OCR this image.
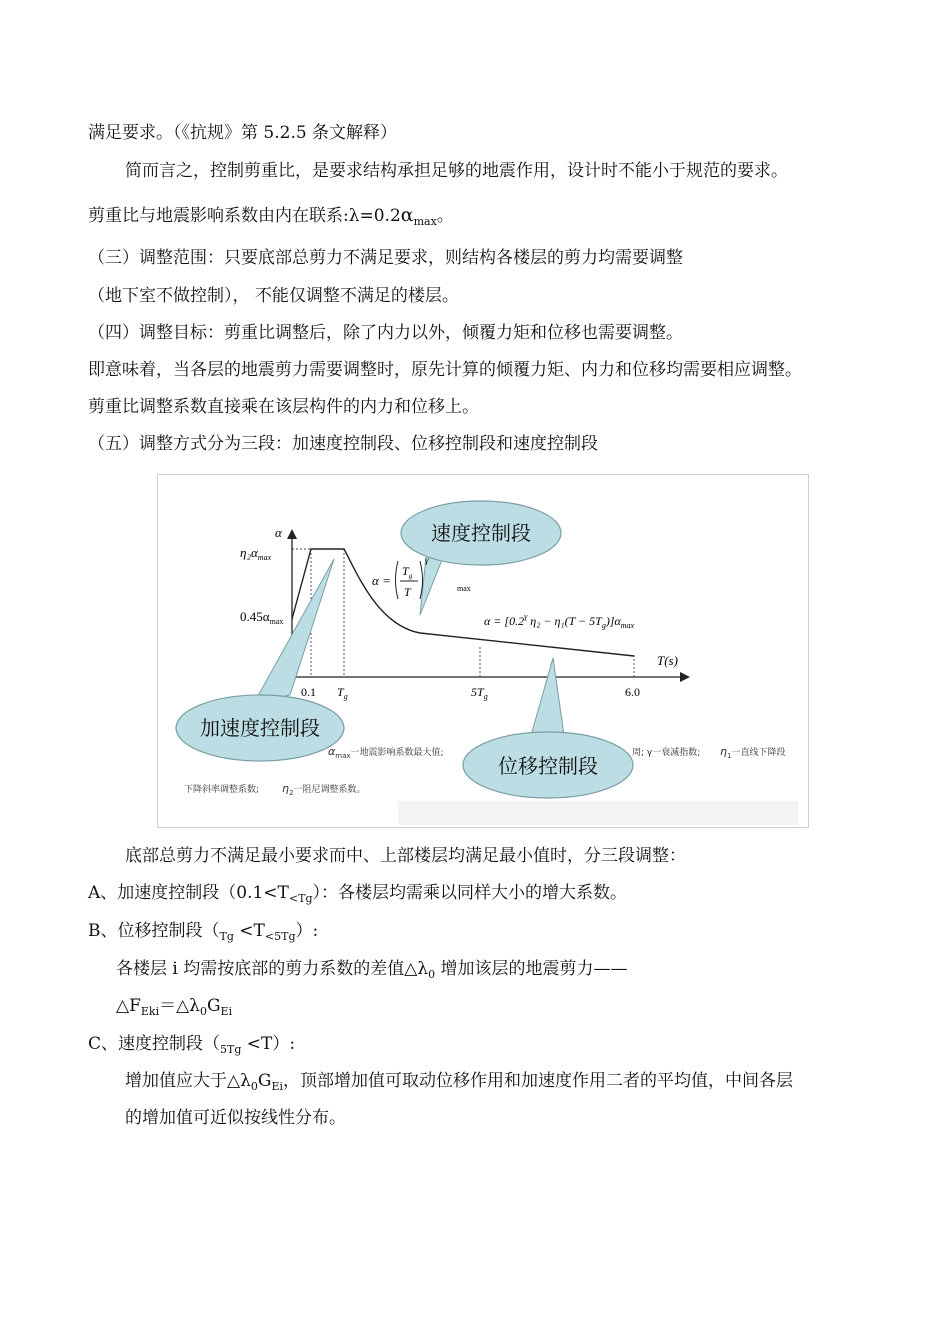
满足要求。（《抗规》第 5.2.5 条文解释）
简而言之，控制剪重比，是要求结构承担足够的地震作用，设计时不能小于规范的要求。
剪重比与地震影响系数由内在联系$:\lambda=0.2\alpha_{max}$。
（三）调整范围：只要底部总剪力不满足要求，则结构各楼层的剪力均需要调整
（地下室不做控制）， 不能仅调整不满足的楼层。
（四）调整目标：剪重比调整后，除了内力以外，倾覆力矩和位移也需要调整。
即意味着，当各层的地震剪力需要调整时，原先计算的倾覆力矩、内力和位移均需要相应调整。
剪重比调整系数直接乘在该层构件的内力和位移上。
（五）调整方式分为三段：加速度控制段、位移控制段和速度控制段
速度控制段
加速度控制段
位移控制段
α
T(s)
$\eta_2\alpha_{max}$
$0.45\alpha_{max}$
0.1 $T_g$	$5T_g$	6.0
α =
$T_g$
T
γ
max
$\alpha = [0.2^\gamma$ $\eta_2 - \eta_1(T - 5T_g)]\alpha_{max}$
$\alpha_{max}$一地震影响系数最大值;	周; γ一衰减指数; $\eta_1$一直线下降段
下降斜率调整系数; $\eta_2$一阻尼调整系数。
底部总剪力不满足最小要求而中、上部楼层均满足最小值时，分三段调整：
A、加速度控制段$(0.1<T_{<Tg})$：各楼层均需乘以同样大小的增大系数。
B、位移控制段$(_{Tg} <T_{<5Tg})$:
各楼层 i 均需按底部的剪力系数的差值$\triangle\lambda_0$ 增加该层的地震剪力——
$\triangle F_{Eki}=\triangle\lambda_0G_{Ei}$
C、速度控制段$(_{5Tg} <T)$:
增加值应大于$\triangle\lambda_0G_{Ei}$，顶部增加值可取动位移作用和加速度作用二者的平均值，中间各层
的增加值可近似按线性分布。
